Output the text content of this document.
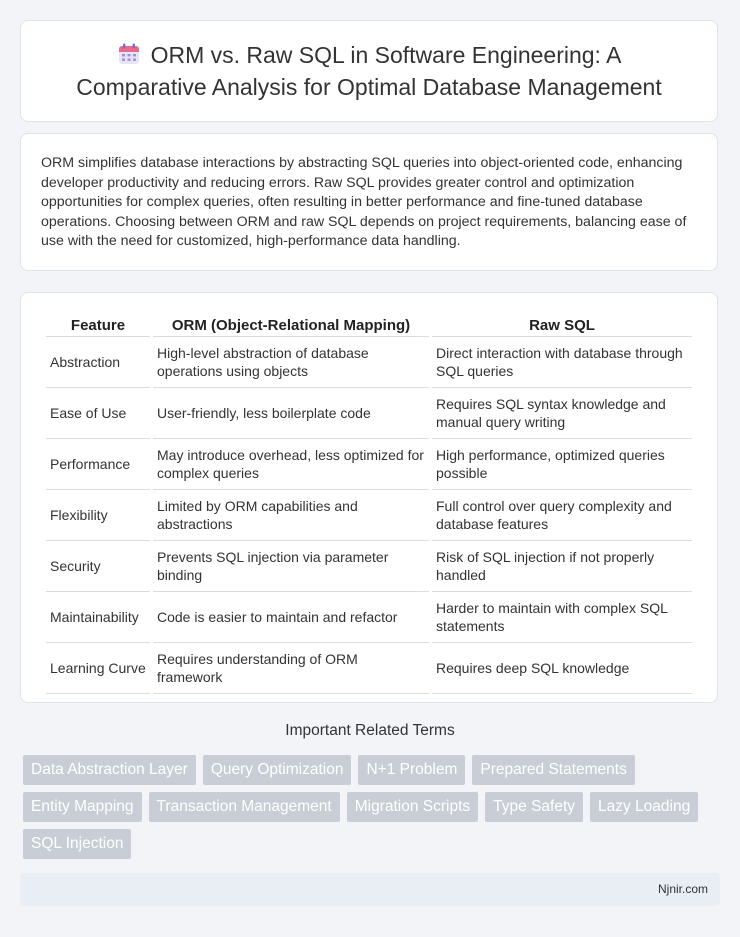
ORM vs. Raw SQL in Software Engineering: A Comparative Analysis for Optimal Database Management

ORM simplifies database interactions by abstracting SQL queries into object-oriented code, enhancing developer productivity and reducing errors. Raw SQL provides greater control and optimization opportunities for complex queries, often resulting in better performance and fine-tuned database operations. Choosing between ORM and raw SQL depends on project requirements, balancing ease of use with the need for customized, high-performance data handling.

Feature	ORM (Object-Relational Mapping)	Raw SQL
Abstraction	High-level abstraction of database operations using objects	Direct interaction with database through SQL queries
Ease of Use	User-friendly, less boilerplate code	Requires SQL syntax knowledge and manual query writing
Performance	May introduce overhead, less optimized for complex queries	High performance, optimized queries possible
Flexibility	Limited by ORM capabilities and abstractions	Full control over query complexity and database features
Security	Prevents SQL injection via parameter binding	Risk of SQL injection if not properly handled
Maintainability	Code is easier to maintain and refactor	Harder to maintain with complex SQL statements
Learning Curve	Requires understanding of ORM framework	Requires deep SQL knowledge
Important Related Terms
Data Abstraction Layer	Query Optimization	N+1 Problem	Prepared Statements
Entity Mapping	Transaction Management	Migration Scripts	Type Safety	Lazy Loading
SQL Injection
Njnir.com
